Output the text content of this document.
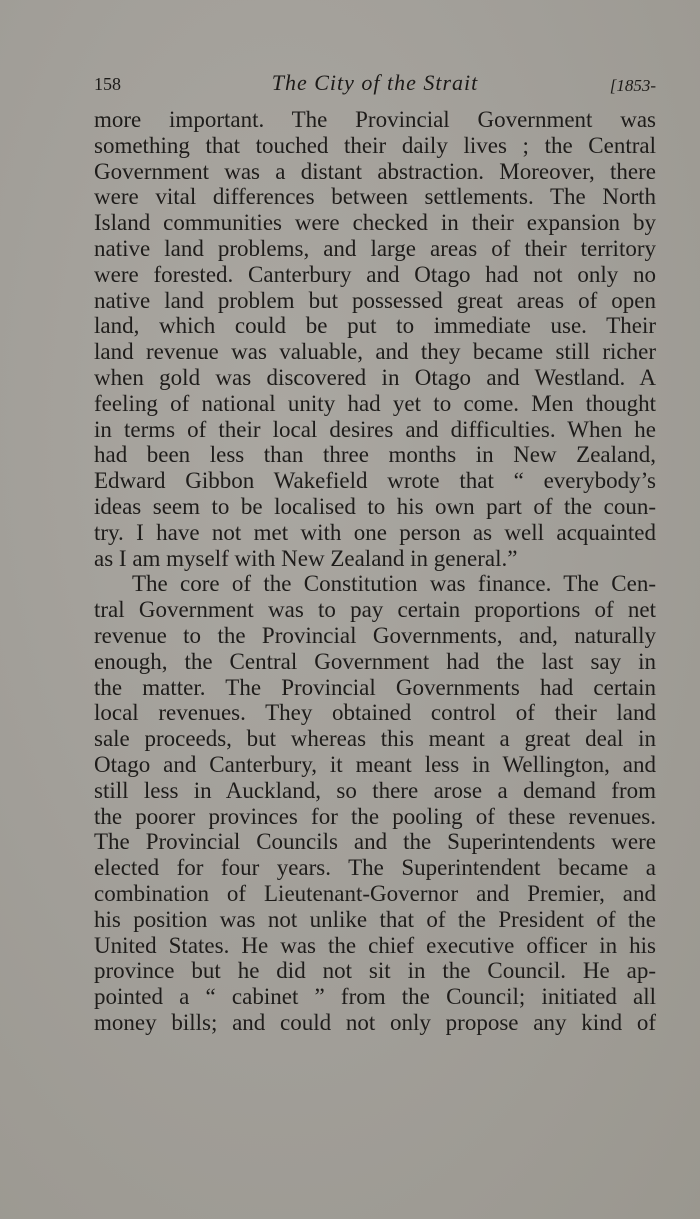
158	The City of the Strait	[1853-
more important. The Provincial Government was
something that touched their daily lives ; the Central
Government was a distant abstraction. Moreover, there
were vital differences between settlements. The North
Island communities were checked in their expansion by
native land problems, and large areas of their territory
were forested. Canterbury and Otago had not only no
native land problem but possessed great areas of open
land, which could be put to immediate use. Their
land revenue was valuable, and they became still richer
when gold was discovered in Otago and Westland. A
feeling of national unity had yet to come. Men thought
in terms of their local desires and difficulties. When he
had been less than three months in New Zealand,
Edward Gibbon Wakefield wrote that “ everybody’s
ideas seem to be localised to his own part of the coun-
try. I have not met with one person as well acquainted
as I am myself with New Zealand in general.”
The core of the Constitution was finance. The Cen-
tral Government was to pay certain proportions of net
revenue to the Provincial Governments, and, naturally
enough, the Central Government had the last say in
the matter. The Provincial Governments had certain
local revenues. They obtained control of their land
sale proceeds, but whereas this meant a great deal in
Otago and Canterbury, it meant less in Wellington, and
still less in Auckland, so there arose a demand from
the poorer provinces for the pooling of these revenues.
The Provincial Councils and the Superintendents were
elected for four years. The Superintendent became a
combination of Lieutenant-Governor and Premier, and
his position was not unlike that of the President of the
United States. He was the chief executive officer in his
province but he did not sit in the Council. He ap-
pointed a “ cabinet ” from the Council; initiated all
money bills; and could not only propose any kind of
